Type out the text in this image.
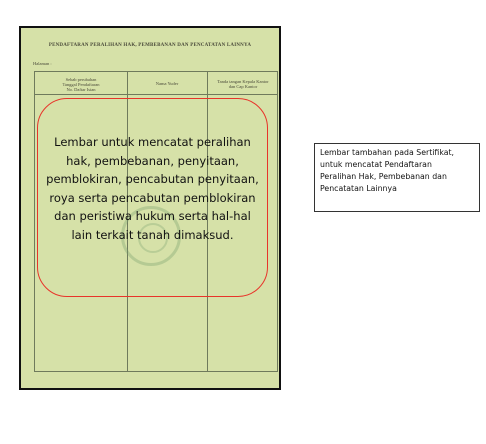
PENDAFTARAN PERALIHAN HAK, PEMBEBANAN DAN PENCATATAN LAINNYA
Halaman :
Sebab perubahan
Tanggal Pendaftaran
No. Daftar Isian
Nama Yuder	Tanda tangan Kepala Kantor
dan Cap Kantor
Lembar untuk mencatat peralihan
hak, pembebanan, penyitaan,
pemblokiran, pencabutan penyitaan,
roya serta pencabutan pemblokiran
dan peristiwa hukum serta hal-hal
lain terkait tanah dimaksud.
Lembar tambahan pada Sertifikat,
untuk mencatat Pendaftaran
Peralihan Hak, Pembebanan dan
Pencatatan Lainnya
